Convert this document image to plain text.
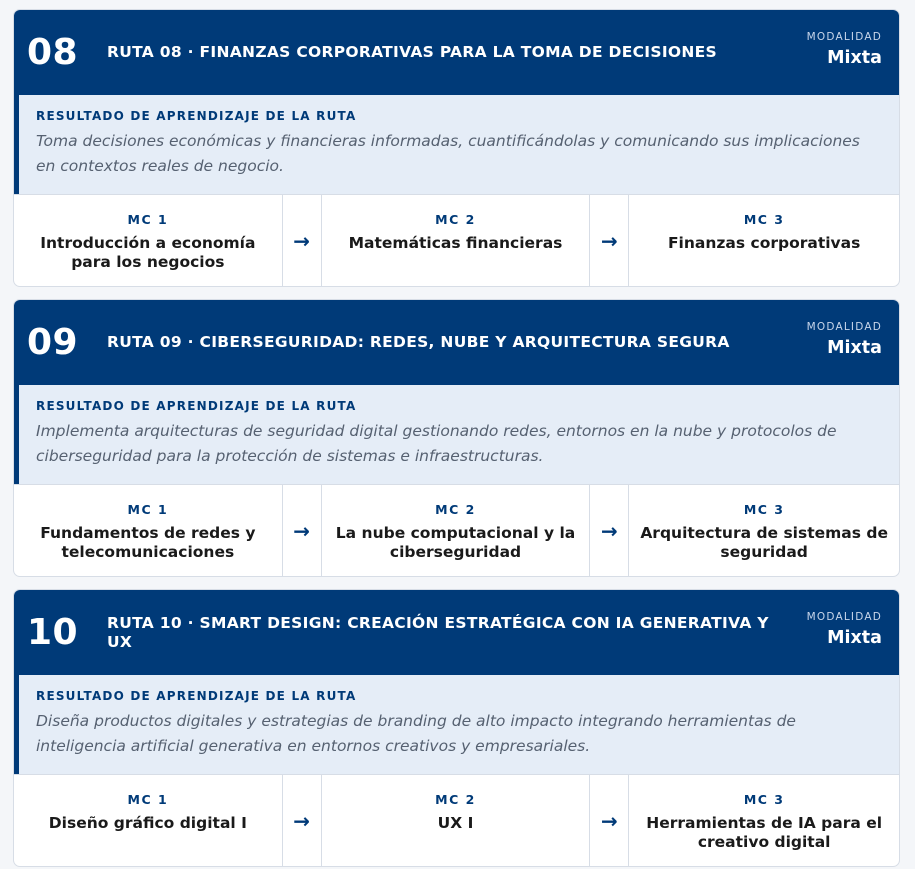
08	RUTA 08 · FINANZAS CORPORATIVAS PARA LA TOMA DE DECISIONES
MODALIDAD
Mixta
RESULTADO DE APRENDIZAJE DE LA RUTA
Toma decisiones económicas y financieras informadas, cuantificándolas y comunicando sus implicaciones en contextos reales de negocio.
MC 1
Introducción a economía para los negocios
→
MC 2
Matemáticas financieras	→
MC 3
Finanzas corporativas
09	RUTA 09 · CIBERSEGURIDAD: REDES, NUBE Y ARQUITECTURA SEGURA
MODALIDAD
Mixta
RESULTADO DE APRENDIZAJE DE LA RUTA
Implementa arquitecturas de seguridad digital gestionando redes, entornos en la nube y protocolos de ciberseguridad para la protección de sistemas e infraestructuras.
MC 1
Fundamentos de redes y telecomunicaciones
→
MC 2
La nube computacional y la ciberseguridad
→
MC 3
Arquitectura de sistemas de seguridad
10	RUTA 10 · SMART DESIGN: CREACIÓN ESTRATÉGICA CON IA GENERATIVA Y UX
MODALIDAD
Mixta
RESULTADO DE APRENDIZAJE DE LA RUTA
Diseña productos digitales y estrategias de branding de alto impacto integrando herramientas de inteligencia artificial generativa en entornos creativos y empresariales.
MC 1
Diseño gráfico digital I	→
MC 2
UX I	→
MC 3
Herramientas de IA para el creativo digital
